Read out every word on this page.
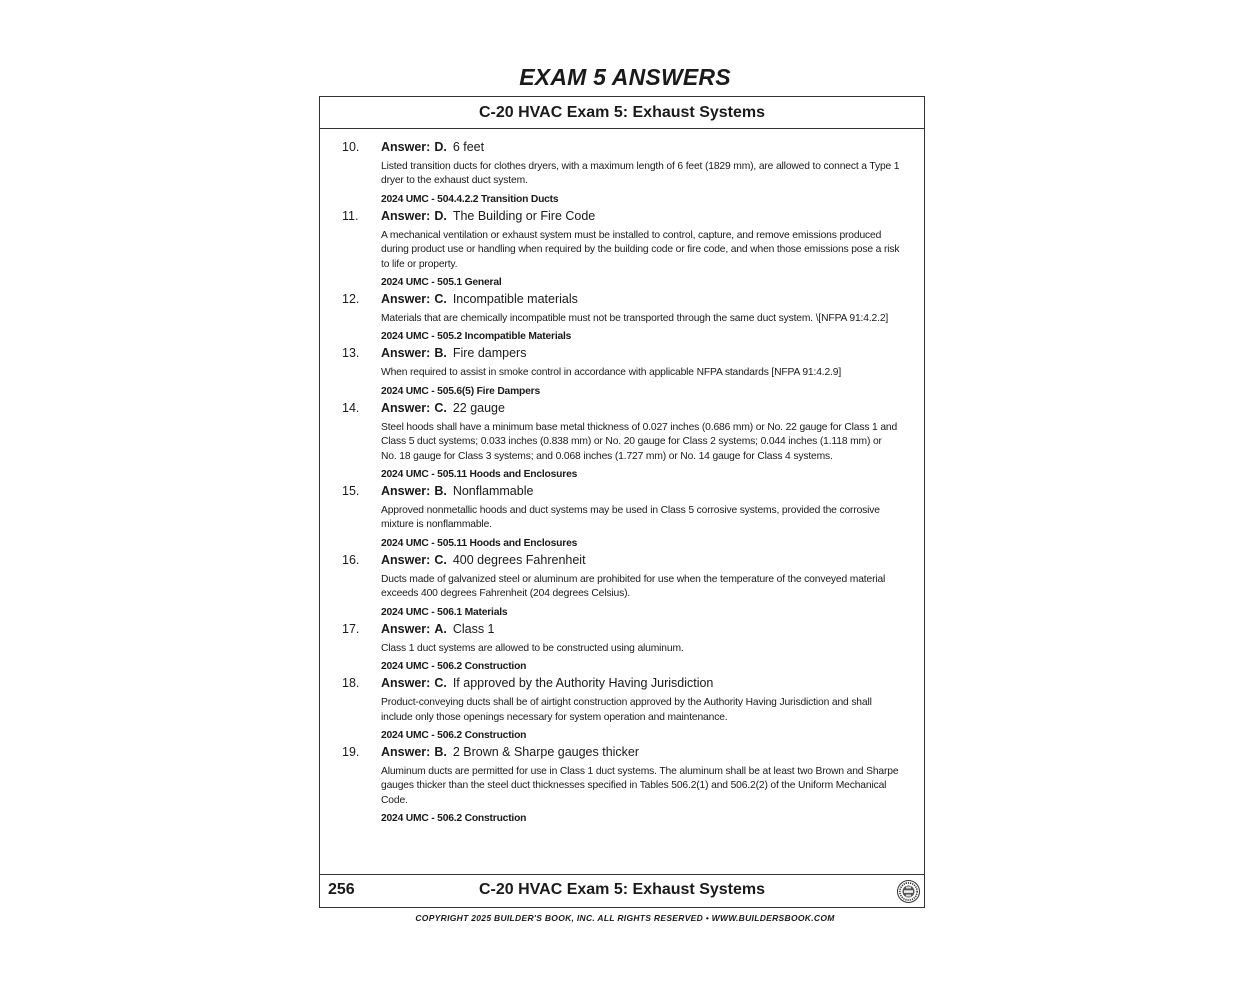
EXAM 5 ANSWERS
C-20 HVAC Exam 5: Exhaust Systems
10. Answer: D. 6 feet
Listed transition ducts for clothes dryers, with a maximum length of 6 feet (1829 mm), are allowed to connect a Type 1 dryer to the exhaust duct system.
2024 UMC - 504.4.2.2 Transition Ducts
11. Answer: D. The Building or Fire Code
A mechanical ventilation or exhaust system must be installed to control, capture, and remove emissions produced during product use or handling when required by the building code or fire code, and when those emissions pose a risk to life or property.
2024 UMC - 505.1 General
12. Answer: C. Incompatible materials
Materials that are chemically incompatible must not be transported through the same duct system. \[NFPA 91:4.2.2]
2024 UMC - 505.2 Incompatible Materials
13. Answer: B. Fire dampers
When required to assist in smoke control in accordance with applicable NFPA standards [NFPA 91:4.2.9]
2024 UMC - 505.6(5) Fire Dampers
14. Answer: C. 22 gauge
Steel hoods shall have a minimum base metal thickness of 0.027 inches (0.686 mm) or No. 22 gauge for Class 1 and Class 5 duct systems; 0.033 inches (0.838 mm) or No. 20 gauge for Class 2 systems; 0.044 inches (1.118 mm) or No. 18 gauge for Class 3 systems; and 0.068 inches (1.727 mm) or No. 14 gauge for Class 4 systems.
2024 UMC - 505.11 Hoods and Enclosures
15. Answer: B. Nonflammable
Approved nonmetallic hoods and duct systems may be used in Class 5 corrosive systems, provided the corrosive mixture is nonflammable.
2024 UMC - 505.11 Hoods and Enclosures
16. Answer: C. 400 degrees Fahrenheit
Ducts made of galvanized steel or aluminum are prohibited for use when the temperature of the conveyed material exceeds 400 degrees Fahrenheit (204 degrees Celsius).
2024 UMC - 506.1 Materials
17. Answer: A. Class 1
Class 1 duct systems are allowed to be constructed using aluminum.
2024 UMC - 506.2 Construction
18. Answer: C. If approved by the Authority Having Jurisdiction
Product-conveying ducts shall be of airtight construction approved by the Authority Having Jurisdiction and shall include only those openings necessary for system operation and maintenance.
2024 UMC - 506.2 Construction
19. Answer: B. 2 Brown & Sharpe gauges thicker
Aluminum ducts are permitted for use in Class 1 duct systems. The aluminum shall be at least two Brown and Sharpe gauges thicker than the steel duct thicknesses specified in Tables 506.2(1) and 506.2(2) of the Uniform Mechanical Code.
2024 UMC - 506.2 Construction
256	C-20 HVAC Exam 5: Exhaust Systems
COPYRIGHT 2025 BUILDER'S BOOK, INC. ALL RIGHTS RESERVED • WWW.BUILDERSBOOK.COM
